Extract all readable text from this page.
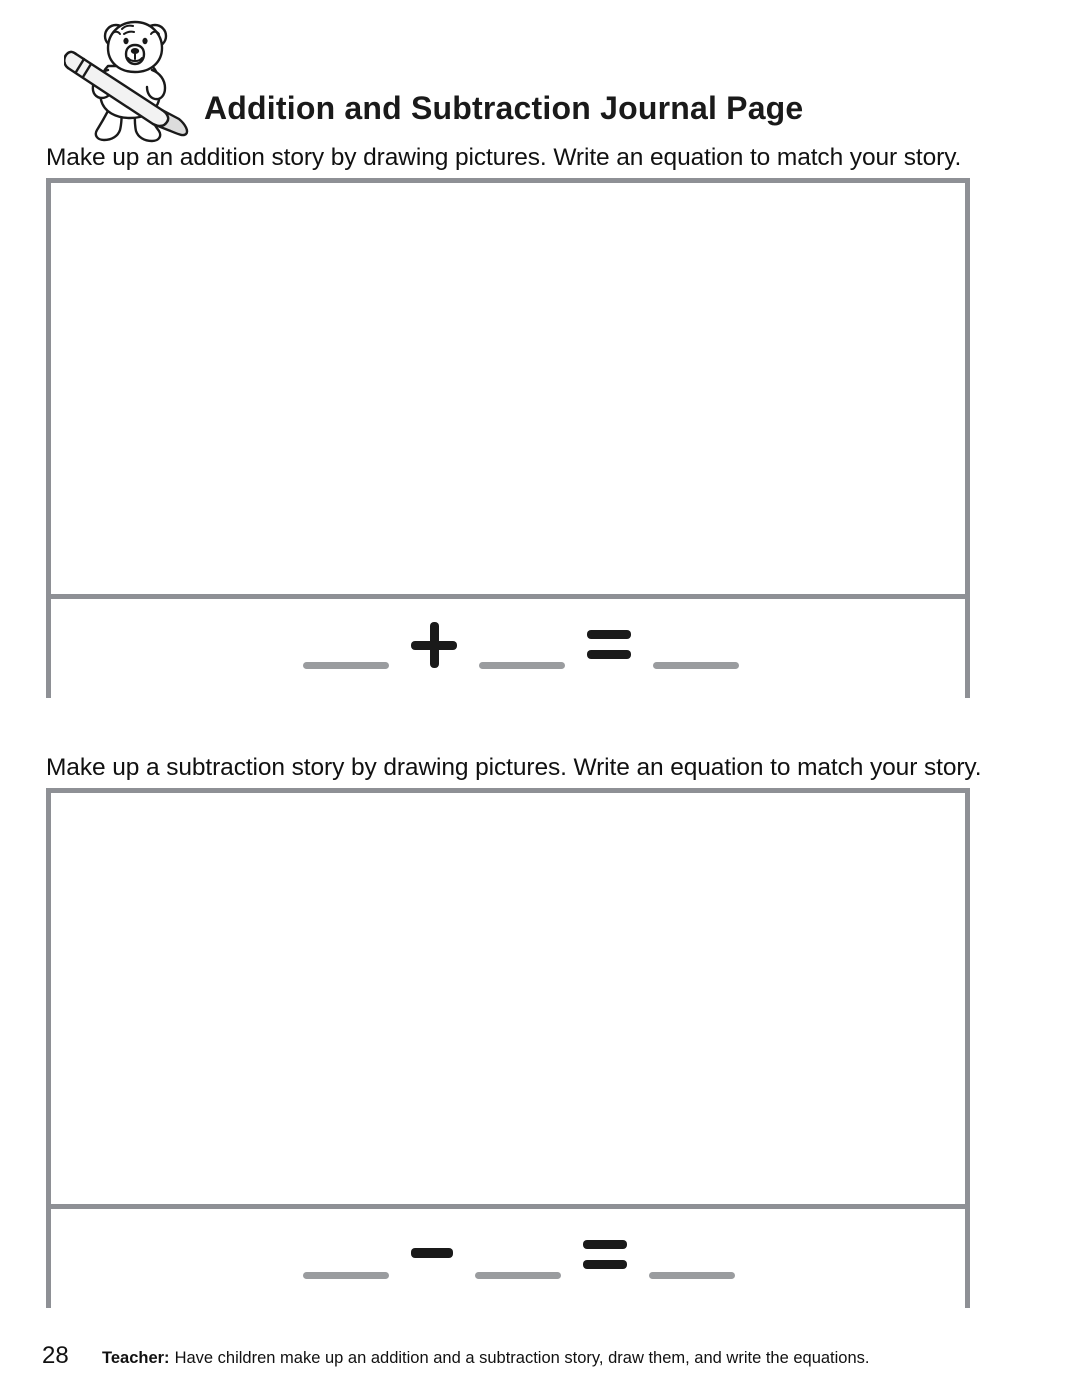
Addition and Subtraction Journal Page
Make up an addition story by drawing pictures. Write an equation to match your story.
Make up a subtraction story by drawing pictures. Write an equation to match your story.
28	Teacher: Have children make up an addition and a subtraction story, draw them, and write the equations.
